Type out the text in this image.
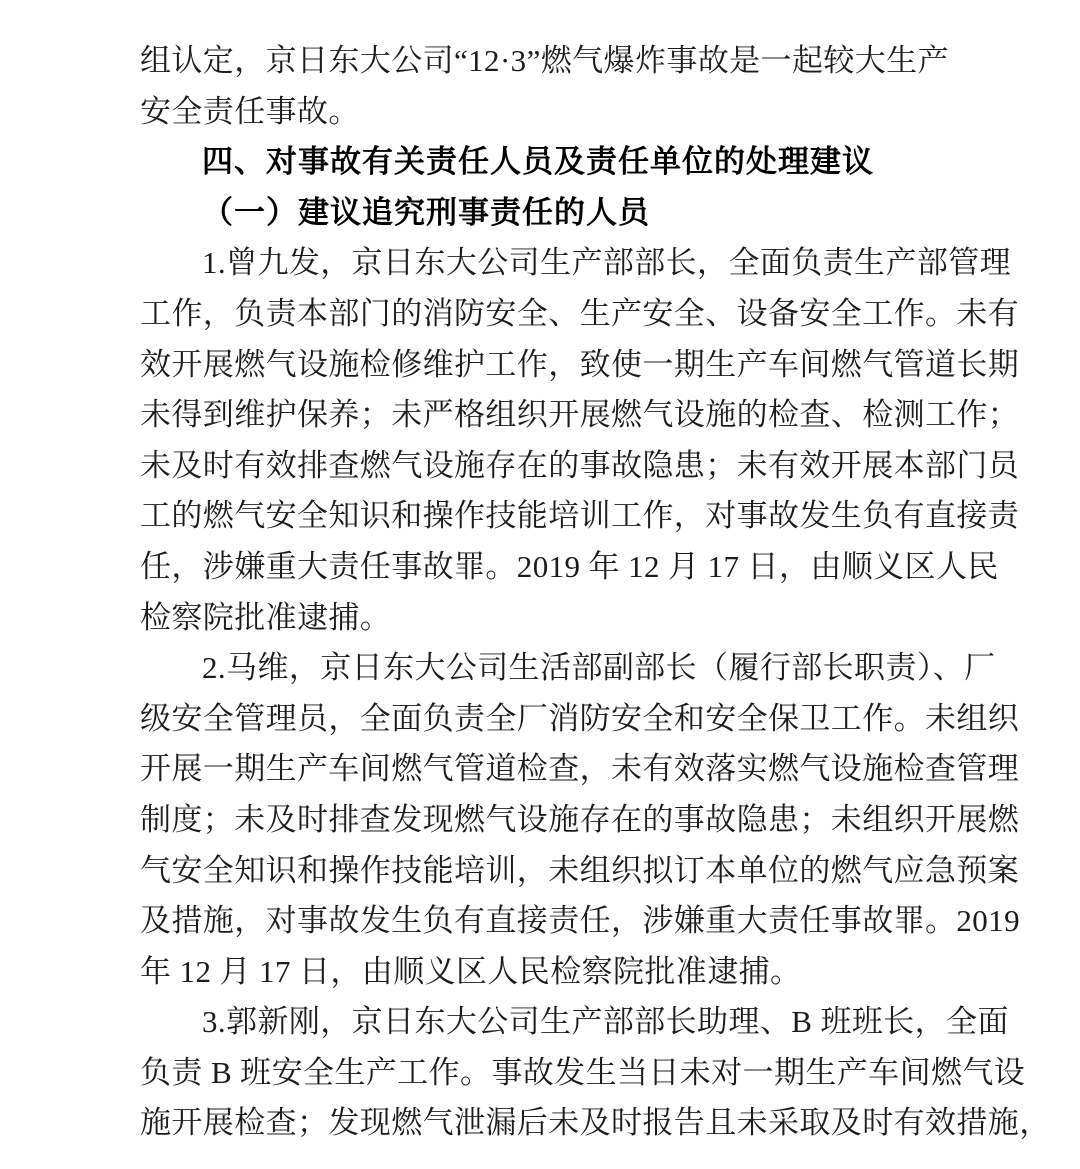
组认定，京日东大公司“12·3”燃气爆炸事故是一起较大生产
安全责任事故。
四、对事故有关责任人员及责任单位的处理建议
（一）建议追究刑事责任的人员
1.曾九发，京日东大公司生产部部长，全面负责生产部管理
工作，负责本部门的消防安全、生产安全、设备安全工作。未有
效开展燃气设施检修维护工作，致使一期生产车间燃气管道长期
未得到维护保养；未严格组织开展燃气设施的检查、检测工作；
未及时有效排查燃气设施存在的事故隐患；未有效开展本部门员
工的燃气安全知识和操作技能培训工作，对事故发生负有直接责
任，涉嫌重大责任事故罪。2019 年 12 月 17 日，由顺义区人民
检察院批准逮捕。
2.马维，京日东大公司生活部副部长（履行部长职责）、厂
级安全管理员，全面负责全厂消防安全和安全保卫工作。未组织
开展一期生产车间燃气管道检查，未有效落实燃气设施检查管理
制度；未及时排查发现燃气设施存在的事故隐患；未组织开展燃
气安全知识和操作技能培训，未组织拟订本单位的燃气应急预案
及措施，对事故发生负有直接责任，涉嫌重大责任事故罪。2019
年 12 月 17 日，由顺义区人民检察院批准逮捕。
3.郭新刚，京日东大公司生产部部长助理、B 班班长，全面
负责 B 班安全生产工作。事故发生当日未对一期生产车间燃气设
施开展检查；发现燃气泄漏后未及时报告且未采取及时有效措施，
